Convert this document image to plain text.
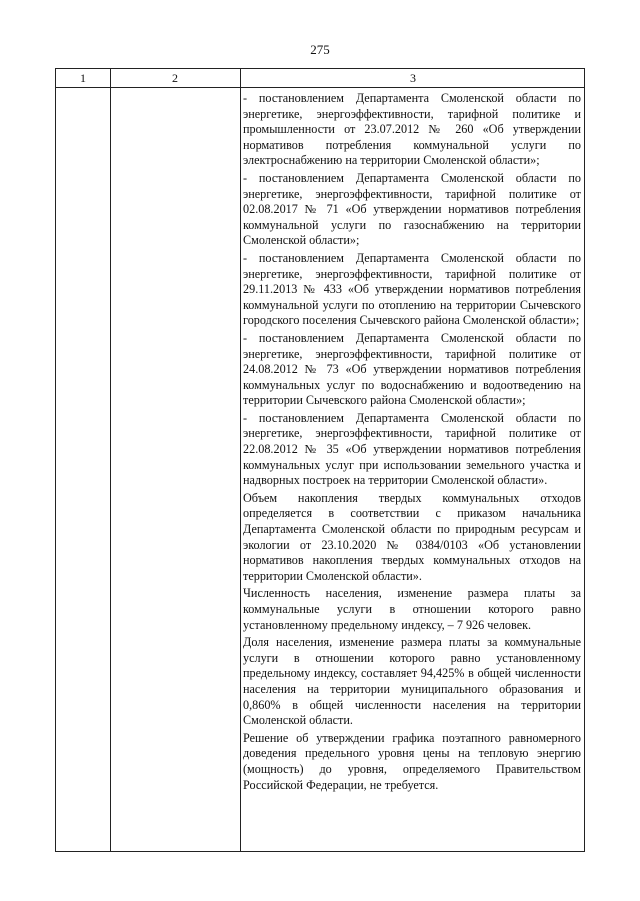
275
1	2	3

- постановлением Департамента Смоленской области по энергетике, энергоэффективности, тарифной политике и промышленности от 23.07.2012 № 260 «Об утверждении нормативов потребления коммунальной услуги по электроснабжению на территории Смоленской области»;

- постановлением Департамента Смоленской области по энергетике, энергоэффективности, тарифной политике от 02.08.2017 № 71 «Об утверждении нормативов потребления коммунальной услуги по газоснабжению на территории Смоленской области»;

- постановлением Департамента Смоленской области по энергетике, энергоэффективности, тарифной политике от 29.11.2013 № 433 «Об утверждении нормативов потребления коммунальной услуги по отоплению на территории Сычевского городского поселения Сычевского района Смоленской области»;

- постановлением Департамента Смоленской области по энергетике, энергоэффективности, тарифной политике от 24.08.2012 № 73 «Об утверждении нормативов потребления коммунальных услуг по водоснабжению и водоотведению на территории Сычевского района Смоленской области»;

- постановлением Департамента Смоленской области по энергетике, энергоэффективности, тарифной политике от 22.08.2012 № 35 «Об утверждении нормативов потребления коммунальных услуг при использовании земельного участка и надворных построек на территории Смоленской области».

Объем накопления твердых коммунальных отходов определяется в соответствии с приказом начальника Департамента Смоленской области по природным ресурсам и экологии от 23.10.2020 № 0384/0103 «Об установлении нормативов накопления твердых коммунальных отходов на территории Смоленской области».

Численность населения, изменение размера платы за коммунальные услуги в отношении которого равно установленному предельному индексу, – 7 926 человек.

Доля населения, изменение размера платы за коммунальные услуги в отношении которого равно установленному предельному индексу, составляет 94,425% в общей численности населения на территории муниципального образования и 0,860% в общей численности населения на территории Смоленской области.

Решение об утверждении графика поэтапного равномерного доведения предельного уровня цены на тепловую энергию (мощность) до уровня, определяемого Правительством Российской Федерации, не требуется.
